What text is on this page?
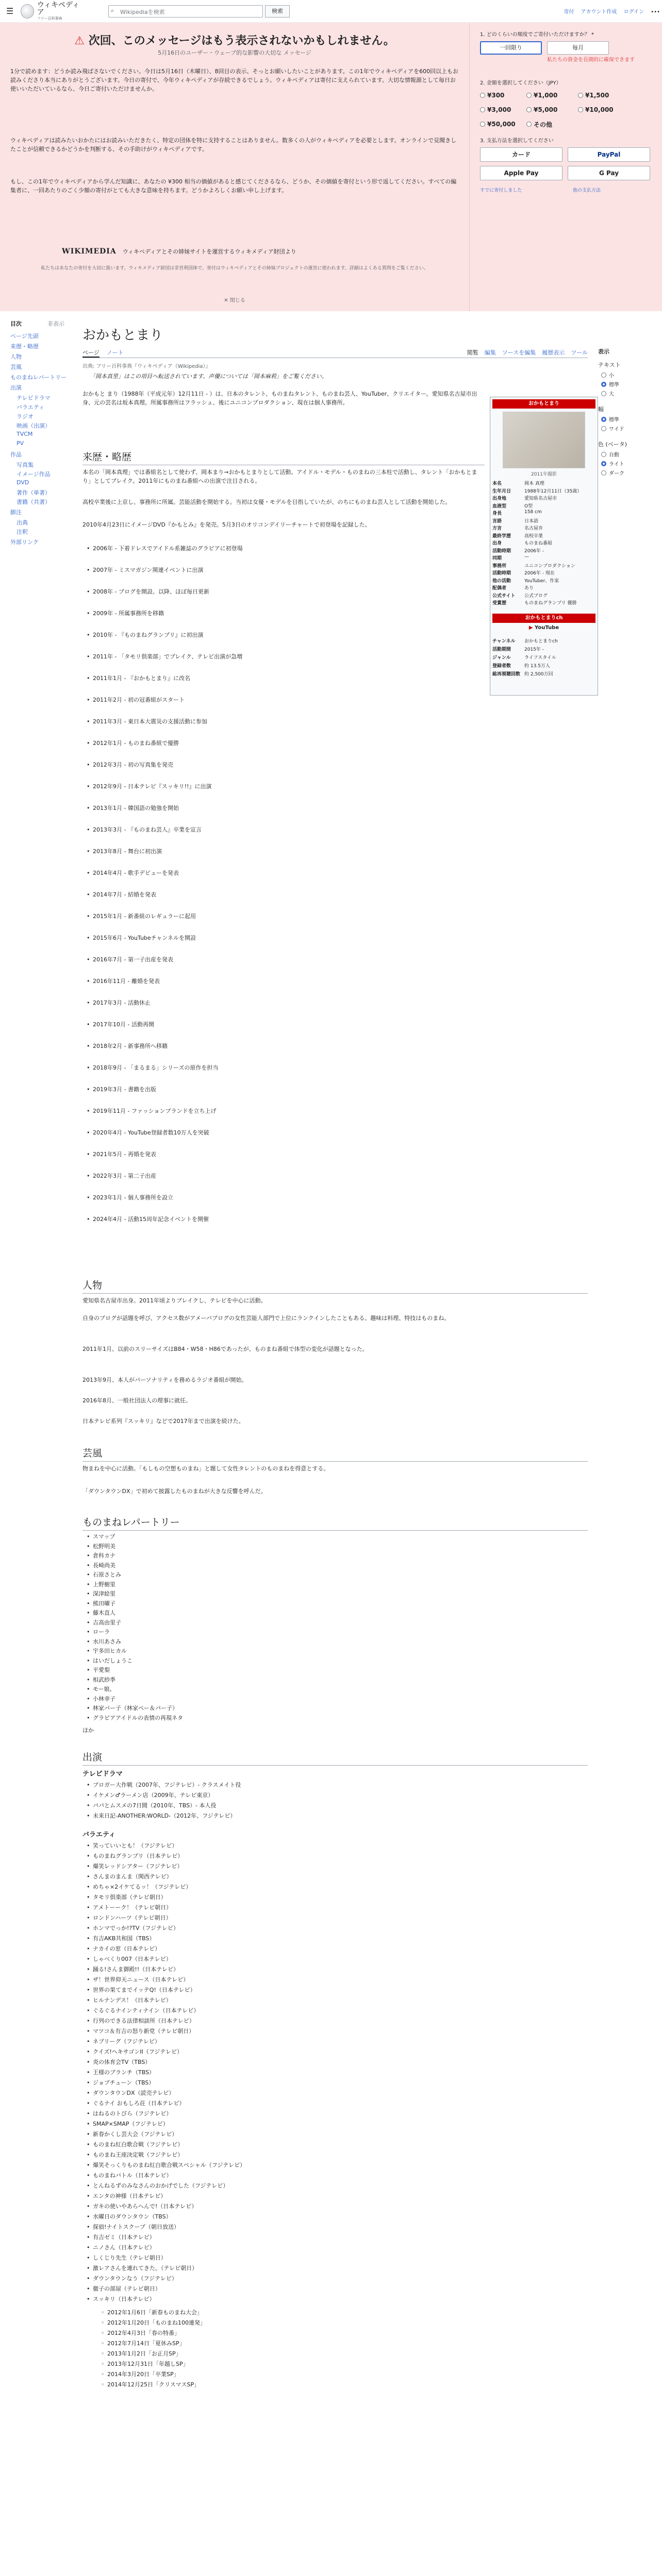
☰
ウィキペディア
フリー百科事典
⌕	Wikipediaを検索	検索	寄付 アカウント作成 ログイン •••
⚠ 次回、このメッセージはもう表示されないかもしれません。
5月16日のユーザー・ウェーブ的な影響の大切な メッセージ
1分で読めます：どうか読み飛ばさないでください。今日は5月16日（木曜日）、8回目の表示、そっとお願いしたいことがあります。この1年でウィキペディアを600回以上もお読みくださり本当にありがとうございます。今日の寄付で、今年ウィキペディアが存続できるでしょう。ウィキペディアは寄付に支えられています。大切な情報源として毎日お使いいただいているなら、今日ご寄付いただけませんか。
ウィキペディアは読みたいおかたにはお読みいただきたく、特定の団体を特に支持することはありません。数多くの人がウィキペディアを必要とします。オンラインで見聞きしたことが信頼できるかどうかを判断する、その手助けがウィキペディアです。
もし、この1年でウィキペディアから学んだ知識に、あなたの ¥300 相当の価値があると感じてくださるなら、どうか、その価値を寄付という形で返してください。すべての編集者に、一回あたりのごく少額の寄付がとても大きな意味を持ちます。どうかよろしくお願い申し上げます。
WIKIMEDIA ウィキペディアとその姉妹サイトを運営するウィキメディア財団より
私たちはあなたの寄付を大切に扱います。ウィキメディア財団は非営利団体で、寄付はウィキペディアとその姉妹プロジェクトの運営に使われます。詳細はよくある質問をご覧ください。
✕ 閉じる
1. どのくらいの頻度でご寄付いただけますか？ *
一回限り	毎月
私たちの資金を長期的に確保できます
2. 金額を選択してください（JPY）
¥300	¥1,000	¥1,500
¥3,000	¥5,000	¥10,000
¥50,000	その他
3. 支払方法を選択してください
カード	PayPal
Apple Pay	G Pay
すでに寄付しました	他の支払方法
目次	非表示
ページ先頭
来歴・略歴
人物
芸風
ものまねレパートリー
出演
テレビドラマ
バラエティ
ラジオ
映画（出演）
TVCM
PV
作品
写真集
イメージ作品
DVD
著作（単著）
書籍（共著）
脚注
出典
注釈
外部リンク
おかもとまり
ページ ノート	閲覧 編集 ソースを編集 履歴表示 ツール
出典: フリー百科事典『ウィキペディア（Wikipedia）』
「岡本真里」はこの項目へ転送されています。声優については「岡本麻莉」をご覧ください。
おかもと まり（1988年（平成元年）12月11日 - ）は、日本のタレント、ものまねタレント、ものまね芸人、YouTuber、クリエイター。愛知県名古屋市出身、元の芸名は坂本真理。所属事務所はフラッシュ、後にユニコンプロダクション、現在は個人事務所。
来歴・略歴
本名の「岡本真理」では番組名として使わず、岡本まり→おかもとまりとして活動。アイドル・モデル・ものまねの三本柱で活動し、タレント「おかもとまり」としてブレイク。2011年にものまね番組への出演で注目される。
高校卒業後に上京し、事務所に所属。芸能活動を開始する。当初は女優・モデルを目指していたが、のちにものまね芸人として活動を開始した。
2010年4月23日にイメージDVD『かもとみ』を発売。5月3日のオリコンデイリーチャートで初登場を記録した。
• 2006年 - 下着ドレスでアイドル系雑誌のグラビアに初登場
• 2007年 - ミスマガジン関連イベントに出演
• 2008年 - ブログを開設。以降、ほぼ毎日更新
• 2009年 - 所属事務所を移籍
• 2010年 - 『ものまねグランプリ』に初出演
• 2011年 - 「タモリ倶楽部」でブレイク、テレビ出演が急増
• 2011年1月 - 『おかもとまり』に改名
• 2011年2月 - 初の冠番組がスタート
• 2011年3月 - 東日本大震災の支援活動に参加
• 2012年1月 - ものまね番組で優勝
• 2012年3月 - 初の写真集を発売
• 2012年9月 - 日本テレビ『スッキリ!!』に出演
• 2013年1月 - 韓国語の勉強を開始
• 2013年3月 - 『ものまね芸人』卒業を宣言
• 2013年8月 - 舞台に初出演
• 2014年4月 - 歌手デビューを発表
• 2014年7月 - 結婚を発表
• 2015年1月 - 新番組のレギュラーに起用
• 2015年6月 - YouTubeチャンネルを開設
• 2016年7月 - 第一子出産を発表
• 2016年11月 - 離婚を発表
• 2017年3月 - 活動休止
• 2017年10月 - 活動再開
• 2018年2月 - 新事務所へ移籍
• 2018年9月 - 「まるまる」シリーズの原作を担当
• 2019年3月 - 書籍を出版
• 2019年11月 - ファッションブランドを立ち上げ
• 2020年4月 - YouTube登録者数10万人を突破
• 2021年5月 - 再婚を発表
• 2022年3月 - 第二子出産
• 2023年1月 - 個人事務所を設立
• 2024年4月 - 活動15周年記念イベントを開催
人物
愛知県名古屋市出身。2011年頃よりブレイクし、テレビを中心に活動。
自身のブログが話題を呼び、アクセス数がアメーバブログの女性芸能人部門で上位にランクインしたこともある。趣味は料理、特技はものまね。
2011年1月、以前のスリーサイズはB84・W58・H86であったが、ものまね番組で体型の変化が話題となった。
2013年9月、本人がパーソナリティを務めるラジオ番組が開始。
2016年8月、一般社団法人の理事に就任。
日本テレビ系列『スッキリ』などで2017年まで出演を続けた。
芸風
物まねを中心に活動。「もしもの空想ものまね」と題して女性タレントのものまねを得意とする。
「ダウンタウンDX」で初めて披露したものまねが大きな反響を呼んだ。
ものまねレパートリー
• スマップ
• 松野明美
• 倉科カナ
• 長崎尚美
• 石原さとみ
• 上野樹里
• 深津絵里
• 熊田曜子
• 藤木直人
• 吉高由里子
• ローラ
• 水川あさみ
• 宇多田ヒカル
• はいだしょうこ
• 平愛梨
• 相武紗季
• モー娘。
• 小林幸子
• 林家パー子（林家ペー＆パー子）
• グラビアアイドルの表情の再現ネタ
ほか
出演
テレビドラマ
• ブロガー大作戦（2007年、フジテレビ）- クラスメイト役
• イケメン♂ラーメン店（2009年、テレビ東京）
• パパとムスメの7日間（2010年、TBS）- 本人役
• 未来日記-ANOTHER:WORLD-（2012年、フジテレビ）
バラエティ
• 笑っていいとも！（フジテレビ）
• ものまねグランプリ（日本テレビ）
• 爆笑レッドシアター（フジテレビ）
• さんまのまんま（関西テレビ）
• めちゃ×2イケてるッ！（フジテレビ）
• タモリ倶楽部（テレビ朝日）
• アメトーーク！（テレビ朝日）
• ロンドンハーツ（テレビ朝日）
• ホンマでっか!?TV（フジテレビ）
• 有吉AKB共和国（TBS）
• ナカイの窓（日本テレビ）
• しゃべくり007（日本テレビ）
• 踊る!さんま御殿!!（日本テレビ）
• ザ！世界仰天ニュース（日本テレビ）
• 世界の果てまでイッテQ!（日本テレビ）
• ヒルナンデス！（日本テレビ）
• ぐるぐるナインティナイン（日本テレビ）
• 行列のできる法律相談所（日本テレビ）
• マツコ＆有吉の怒り新党（テレビ朝日）
• ネプリーグ（フジテレビ）
• クイズ!ヘキサゴンII（フジテレビ）
• 炎の体育会TV（TBS）
• 王様のブランチ（TBS）
• ジョブチューン（TBS）
• ダウンタウンDX（読売テレビ）
• ぐるナイ おもしろ荘（日本テレビ）
• はねるのトびら（フジテレビ）
• SMAP×SMAP（フジテレビ）
• 新春かくし芸大会（フジテレビ）
• ものまね紅白歌合戦（フジテレビ）
• ものまね王座決定戦（フジテレビ）
• 爆笑そっくりものまね紅白歌合戦スペシャル（フジテレビ）
• ものまねバトル（日本テレビ）
• とんねるずのみなさんのおかげでした（フジテレビ）
• エンタの神様（日本テレビ）
• ガキの使いやあらへんで!（日本テレビ）
• 水曜日のダウンタウン（TBS）
• 探偵!ナイトスクープ（朝日放送）
• 有吉ゼミ（日本テレビ）
• ニノさん（日本テレビ）
• しくじり先生（テレビ朝日）
• 激レアさんを連れてきた。（テレビ朝日）
• ダウンタウンなう（フジテレビ）
• 徹子の部屋（テレビ朝日）
• スッキリ（日本テレビ）
◦ 2012年1月6日「新春ものまね大会」
◦ 2012年1月20日「ものまね100連発」
◦ 2012年4月3日「春の特番」
◦ 2012年7月14日「夏休みSP」
◦ 2013年1月2日「お正月SP」
◦ 2013年12月31日「年越しSP」
◦ 2014年3月20日「卒業SP」
◦ 2014年12月25日「クリスマスSP」
おかもとまり
2011年撮影
本名	岡本 真理
生年月日	1988年12月11日（35歳）
出身地	愛知県名古屋市
血液型	O型
身長	158 cm
言語	日本語
方言	名古屋弁
最終学歴	高校卒業
出身	ものまね番組
活動時期	2006年 -
同期	—
事務所	ユニコンプロダクション
活動時期	2006年 - 現在
他の活動	YouTuber、作家
配偶者	あり
公式サイト	公式ブログ
受賞歴	ものまねグランプリ 優勝
おかもとまりch
▶ YouTube
チャンネル	おかもとまりch
活動期間	2015年 -
ジャンル	ライフスタイル
登録者数	約 13.5万人
総再視聴回数 約 2,500万回
表示
テキスト
小
標準
大
幅
標準
ワイド
色 (ベータ)
自動
ライト
ダーク
